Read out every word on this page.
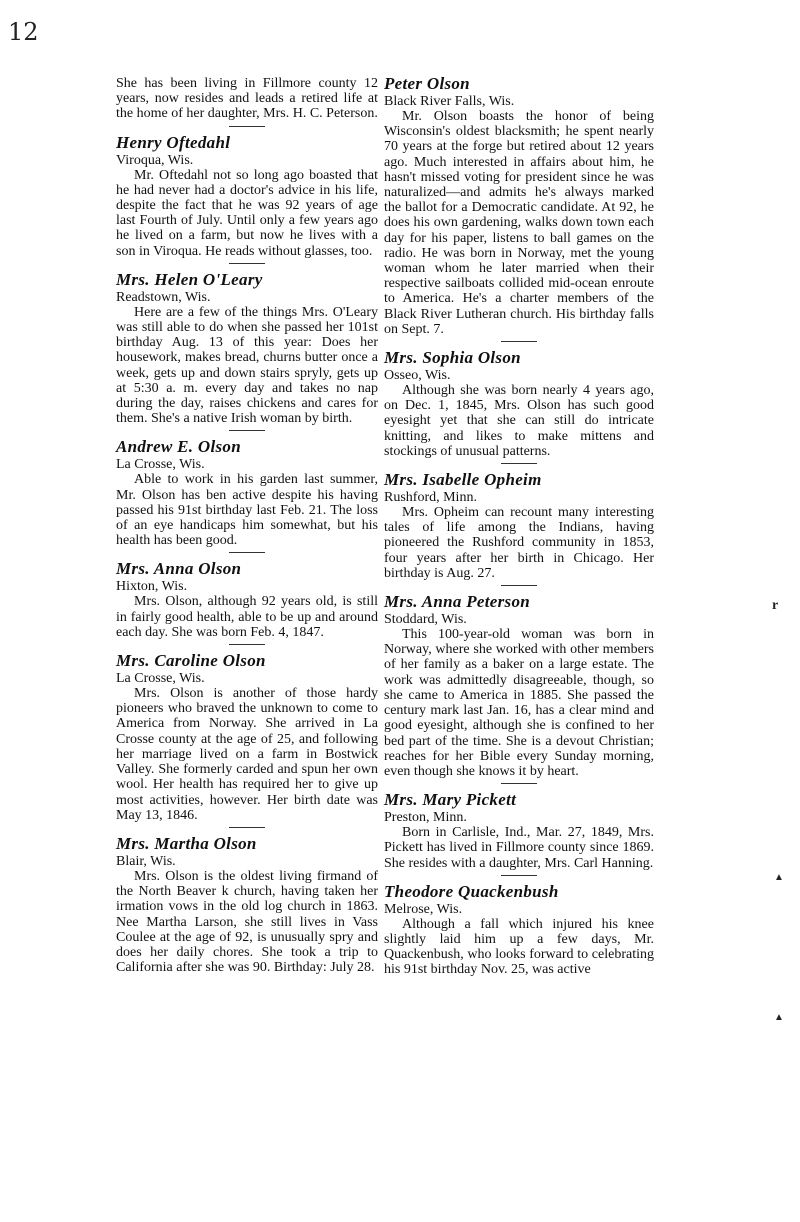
12
r
▲
▲

She has been living in Fillmore county 12 years, now resides and leads a retired life at the home of her daughter, Mrs. H. C. Peterson.

Henry Oftedahl
Viroqua, Wis.

Mr. Oftedahl not so long ago boasted that he had never had a doctor's advice in his life, despite the fact that he was 92 years of age last Fourth of July. Until only a few years ago he lived on a farm, but now he lives with a son in Viroqua. He reads without glasses, too.

Mrs. Helen O'Leary
Readstown, Wis.

Here are a few of the things Mrs. O'Leary was still able to do when she passed her 101st birthday Aug. 13 of this year: Does her housework, makes bread, churns butter once a week, gets up and down stairs spryly, gets up at 5:30 a. m. every day and takes no nap during the day, raises chickens and cares for them. She's a native Irish woman by birth.

Andrew E. Olson
La Crosse, Wis.

Able to work in his garden last summer, Mr. Olson has ben active despite his having passed his 91st birthday last Feb. 21. The loss of an eye handicaps him somewhat, but his health has been good.

Mrs. Anna Olson
Hixton, Wis.

Mrs. Olson, although 92 years old, is still in fairly good health, able to be up and around each day. She was born Feb. 4, 1847.

Mrs. Caroline Olson
La Crosse, Wis.

Mrs. Olson is another of those hardy pioneers who braved the unknown to come to America from Norway. She arrived in La Crosse county at the age of 25, and following her marriage lived on a farm in Bostwick Valley. She formerly carded and spun her own wool. Her health has required her to give up most activities, however. Her birth date was May 13, 1846.

Mrs. Martha Olson
Blair, Wis.

Mrs. Olson is the oldest living firmand of the North Beaver k church, having taken her irmation vows in the old log church in 1863. Nee Martha Larson, she still lives in Vass Coulee at the age of 92, is unusually spry and does her daily chores. She took a trip to California after she was 90. Birthday: July 28.

Peter Olson
Black River Falls, Wis.

Mr. Olson boasts the honor of being Wisconsin's oldest blacksmith; he spent nearly 70 years at the forge but retired about 12 years ago. Much interested in affairs about him, he hasn't missed voting for president since he was naturalized—and admits he's always marked the ballot for a Democratic candidate. At 92, he does his own gardening, walks down town each day for his paper, listens to ball games on the radio. He was born in Norway, met the young woman whom he later married when their respective sailboats collided mid-ocean enroute to America. He's a charter members of the Black River Lutheran church. His birthday falls on Sept. 7.

Mrs. Sophia Olson
Osseo, Wis.

Although she was born nearly 4 years ago, on Dec. 1, 1845, Mrs. Olson has such good eyesight yet that she can still do intricate knitting, and likes to make mittens and stockings of unusual patterns.

Mrs. Isabelle Opheim
Rushford, Minn.

Mrs. Opheim can recount many interesting tales of life among the Indians, having pioneered the Rushford community in 1853, four years after her birth in Chicago. Her birthday is Aug. 27.

Mrs. Anna Peterson
Stoddard, Wis.

This 100-year-old woman was born in Norway, where she worked with other members of her family as a baker on a large estate. The work was admittedly disagreeable, though, so she came to America in 1885. She passed the century mark last Jan. 16, has a clear mind and good eyesight, although she is confined to her bed part of the time. She is a devout Christian; reaches for her Bible every Sunday morning, even though she knows it by heart.

Mrs. Mary Pickett
Preston, Minn.

Born in Carlisle, Ind., Mar. 27, 1849, Mrs. Pickett has lived in Fillmore county since 1869. She resides with a daughter, Mrs. Carl Hanning.

Theodore Quackenbush
Melrose, Wis.

Although a fall which injured his knee slightly laid him up a few days, Mr. Quackenbush, who looks forward to celebrating his 91st birthday Nov. 25, was active
